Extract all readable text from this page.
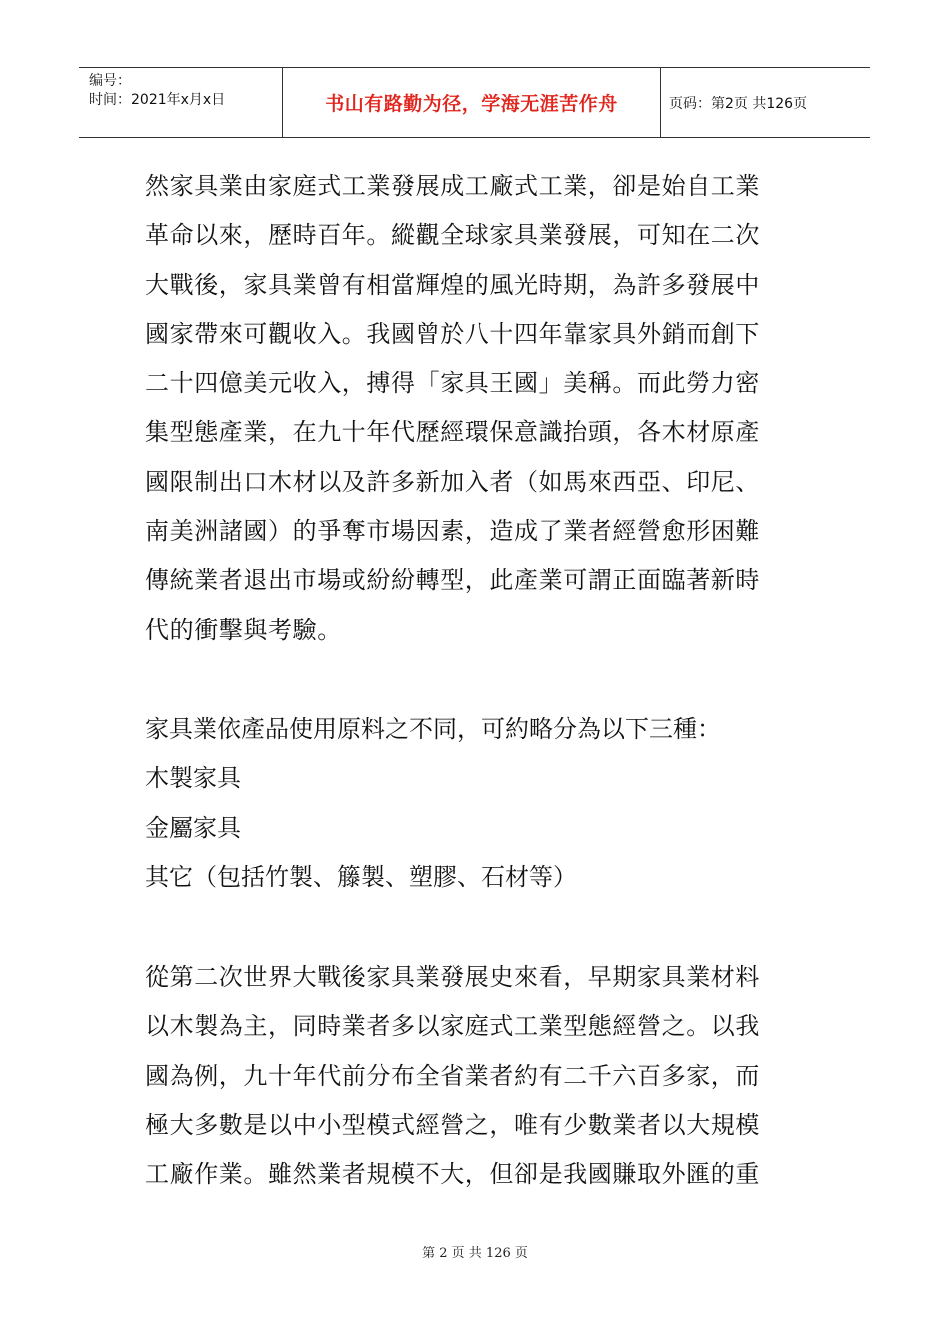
编号：
时间：2021年x月x日	书山有路勤为径，学海无涯苦作舟	页码：第2页 共126页
然家具業由家庭式工業發展成工廠式工業，卻是始自工業
革命以來，歷時百年。縱觀全球家具業發展，可知在二次
大戰後，家具業曾有相當輝煌的風光時期，為許多發展中
國家帶來可觀收入。我國曾於八十四年靠家具外銷而創下
二十四億美元收入，搏得「家具王國」美稱。而此勞力密
集型態產業，在九十年代歷經環保意識抬頭，各木材原產
國限制出口木材以及許多新加入者（如馬來西亞、印尼、
南美洲諸國）的爭奪市場因素，造成了業者經營愈形困難
傳統業者退出市場或紛紛轉型，此產業可謂正面臨著新時
代的衝擊與考驗。
家具業依產品使用原料之不同，可約略分為以下三種：
木製家具
金屬家具
其它（包括竹製、籐製、塑膠、石材等）
從第二次世界大戰後家具業發展史來看，早期家具業材料
以木製為主，同時業者多以家庭式工業型態經營之。以我
國為例，九十年代前分布全省業者約有二千六百多家，而
極大多數是以中小型模式經營之，唯有少數業者以大規模
工廠作業。雖然業者規模不大，但卻是我國賺取外匯的重
第 2 页 共 126 页
